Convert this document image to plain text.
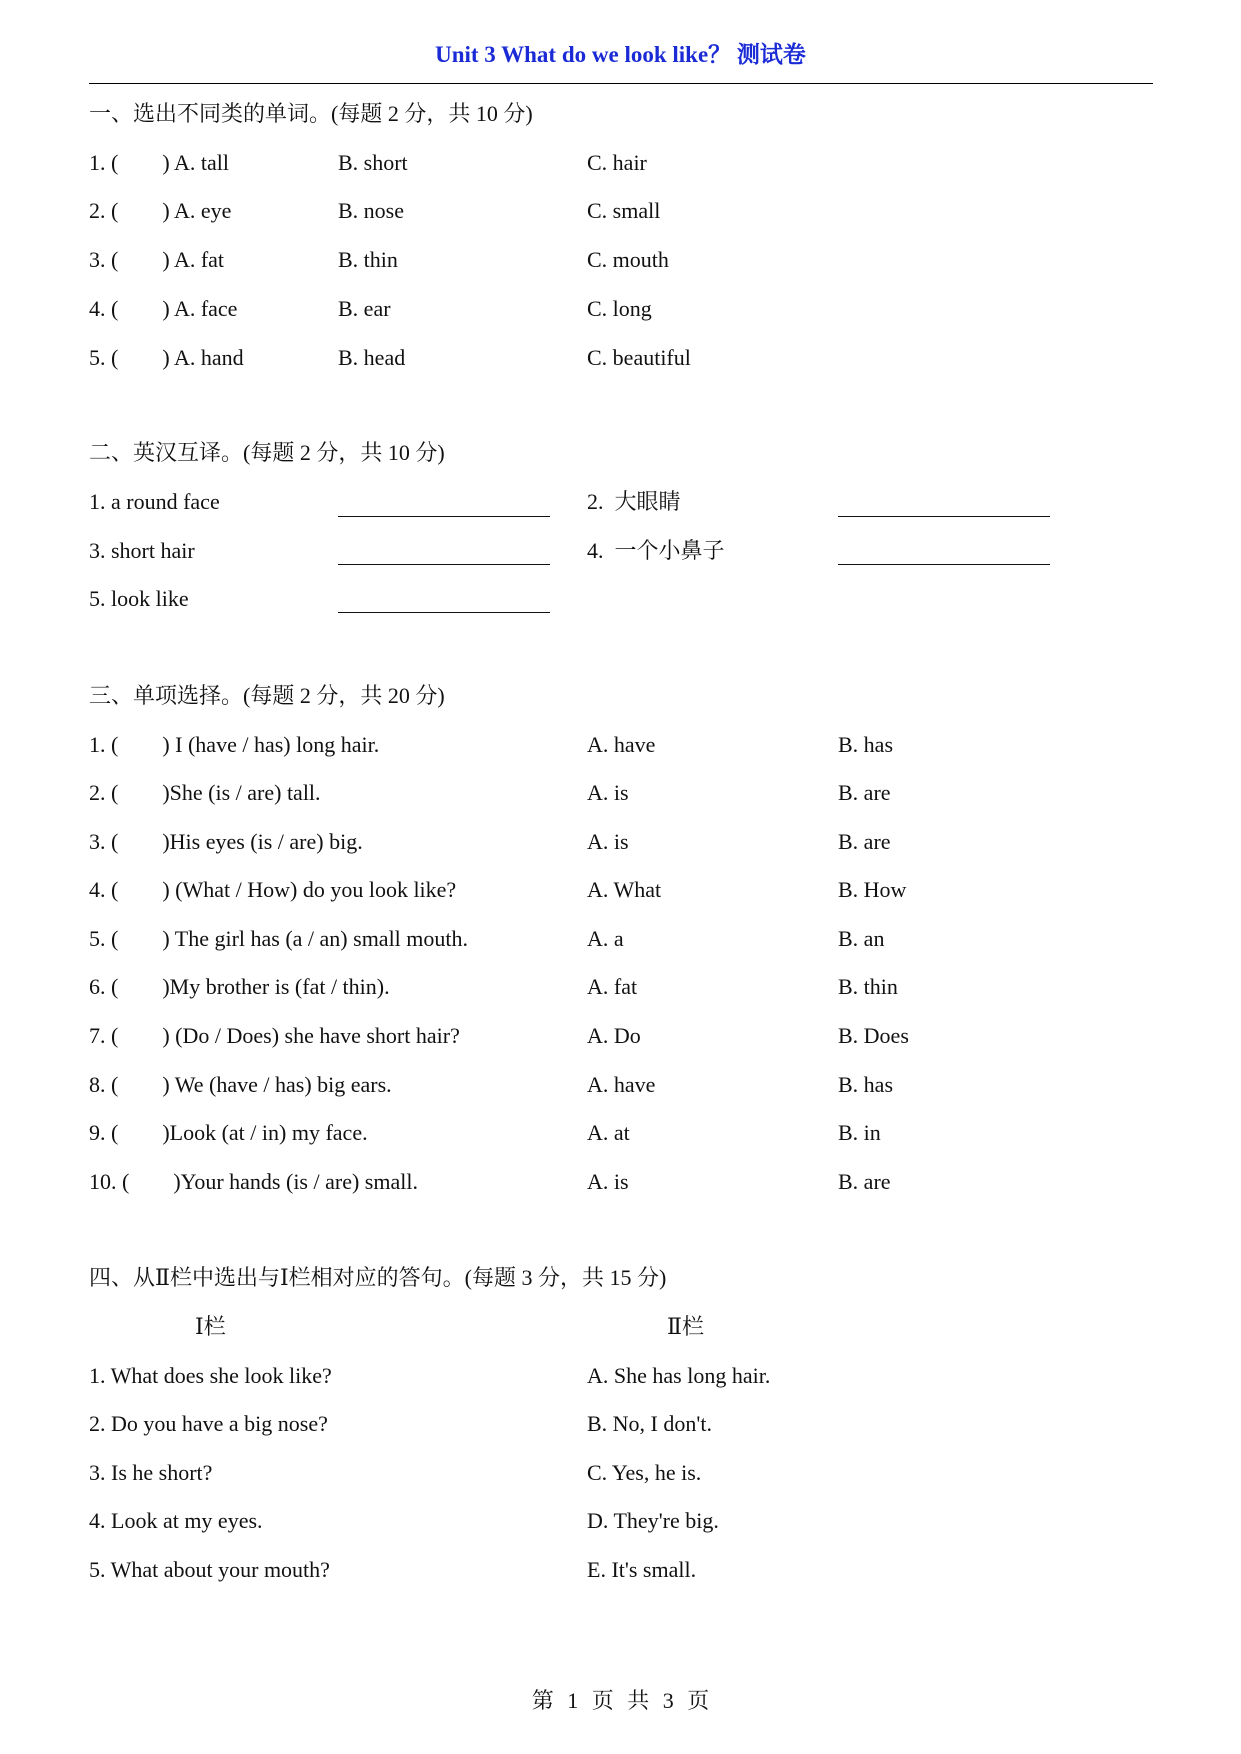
Unit 3 What do we look like？ 测试卷
一、选出不同类的单词。(每题 2 分，共 10 分)
1. (        ) A. tall	B. short	C. hair
2. (        ) A. eye	B. nose	C. small
3. (        ) A. fat	B. thin	C. mouth
4. (        ) A. face	B. ear	C. long
5. (        ) A. hand	B. head	C. beautiful
二、英汉互译。(每题 2 分，共 10 分)
1. a round face	2.  大眼睛
3. short hair	4.  一个小鼻子
5. look like
三、单项选择。(每题 2 分，共 20 分)
1. (        ) I (have / has) long hair.	A. have	B. has
2. (        )She (is / are) tall.	A. is	B. are
3. (        )His eyes (is / are) big.	A. is	B. are
4. (        ) (What / How) do you look like?	A. What	B. How
5. (        ) The girl has (a / an) small mouth.	A. a	B. an
6. (        )My brother is (fat / thin).	A. fat	B. thin
7. (        ) (Do / Does) she have short hair?	A. Do	B. Does
8. (        ) We (have / has) big ears.	A. have	B. has
9. (        )Look (at / in) my face.	A. at	B. in
10. (        )Your hands (is / are) small.	A. is	B. are
四、从Ⅱ栏中选出与Ⅰ栏相对应的答句。(每题 3 分，共 15 分)
Ⅰ栏	Ⅱ栏
1. What does she look like?	A. She has long hair.
2. Do you have a big nose?	B. No, I don't.
3. Is he short?	C. Yes, he is.
4. Look at my eyes.	D. They're big.
5. What about your mouth?	E. It's small.
第 1 页 共 3 页
